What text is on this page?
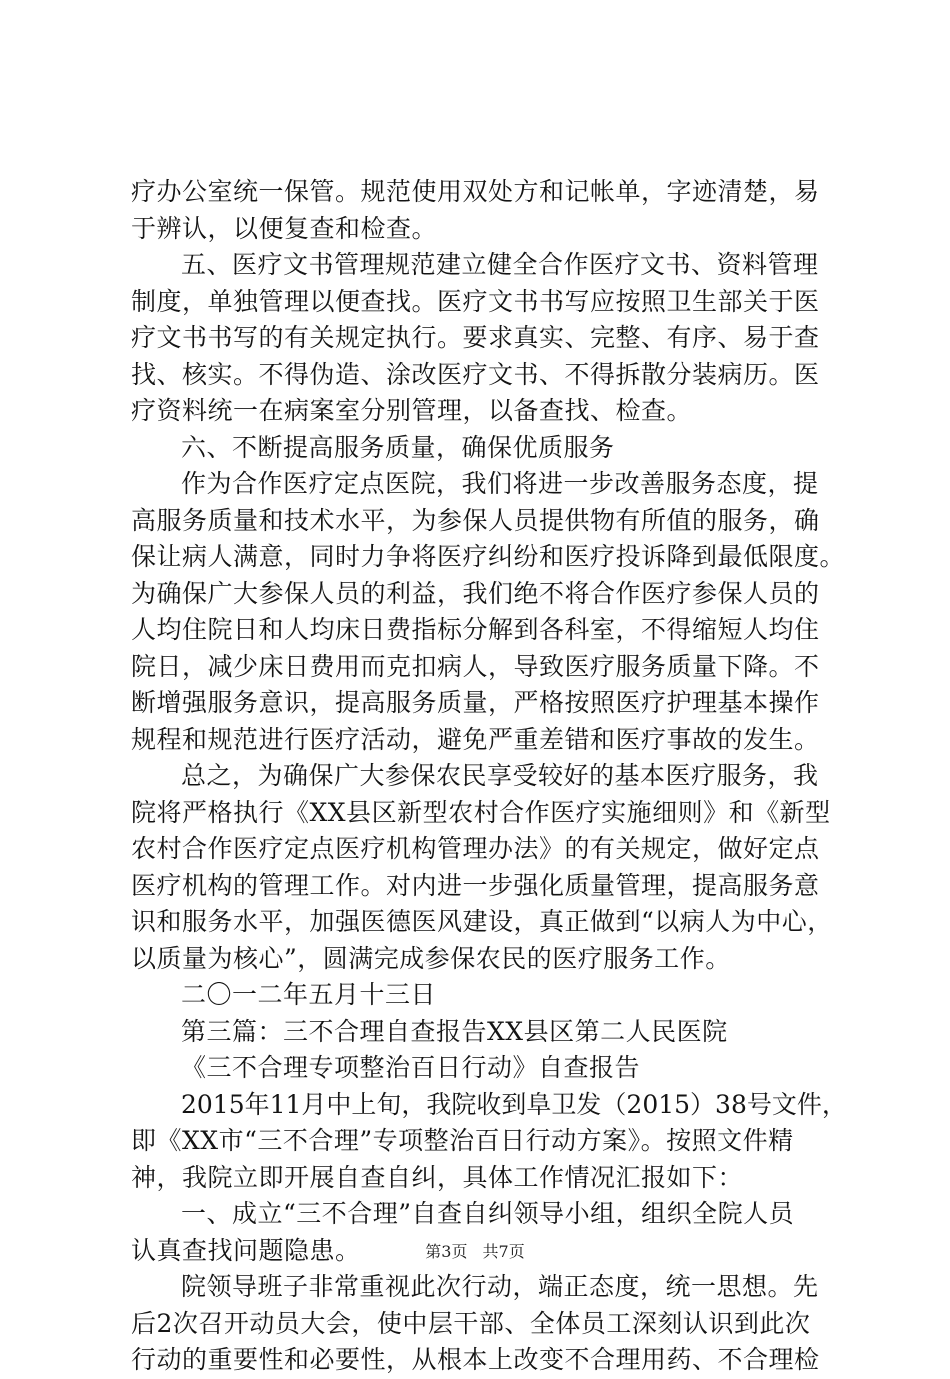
疗办公室统一保管。规范使用双处方和记帐单，字迹清楚，易
于辨认，以便复查和检查。
五、医疗文书管理规范建立健全合作医疗文书、资料管理
制度，单独管理以便查找。医疗文书书写应按照卫生部关于医
疗文书书写的有关规定执行。要求真实、完整、有序、易于查
找、核实。不得伪造、涂改医疗文书、不得拆散分装病历。医
疗资料统一在病案室分别管理，以备查找、检查。
六、不断提高服务质量，确保优质服务
作为合作医疗定点医院，我们将进一步改善服务态度，提
高服务质量和技术水平，为参保人员提供物有所值的服务，确
保让病人满意，同时力争将医疗纠纷和医疗投诉降到最低限度。
为确保广大参保人员的利益，我们绝不将合作医疗参保人员的
人均住院日和人均床日费指标分解到各科室，不得缩短人均住
院日，减少床日费用而克扣病人，导致医疗服务质量下降。不
断增强服务意识，提高服务质量，严格按照医疗护理基本操作
规程和规范进行医疗活动，避免严重差错和医疗事故的发生。
总之，为确保广大参保农民享受较好的基本医疗服务，我
院将严格执行《XX县区新型农村合作医疗实施细则》和《新型
农村合作医疗定点医疗机构管理办法》的有关规定，做好定点
医疗机构的管理工作。对内进一步强化质量管理，提高服务意
识和服务水平，加强医德医风建设，真正做到“以病人为中心，
以质量为核心”，圆满完成参保农民的医疗服务工作。
二〇一二年五月十三日
第三篇：三不合理自查报告XX县区第二人民医院
《三不合理专项整治百日行动》自查报告
2015年11月中上旬，我院收到阜卫发（2015）38号文件，
即《XX市“三不合理”专项整治百日行动方案》。按照文件精
神，我院立即开展自查自纠，具体工作情况汇报如下：
一、成立“三不合理”自查自纠领导小组，组织全院人员
认真查找问题隐患。
院领导班子非常重视此次行动，端正态度，统一思想。先
后2次召开动员大会，使中层干部、全体员工深刻认识到此次
行动的重要性和必要性，从根本上改变不合理用药、不合理检
第3页 共7页
